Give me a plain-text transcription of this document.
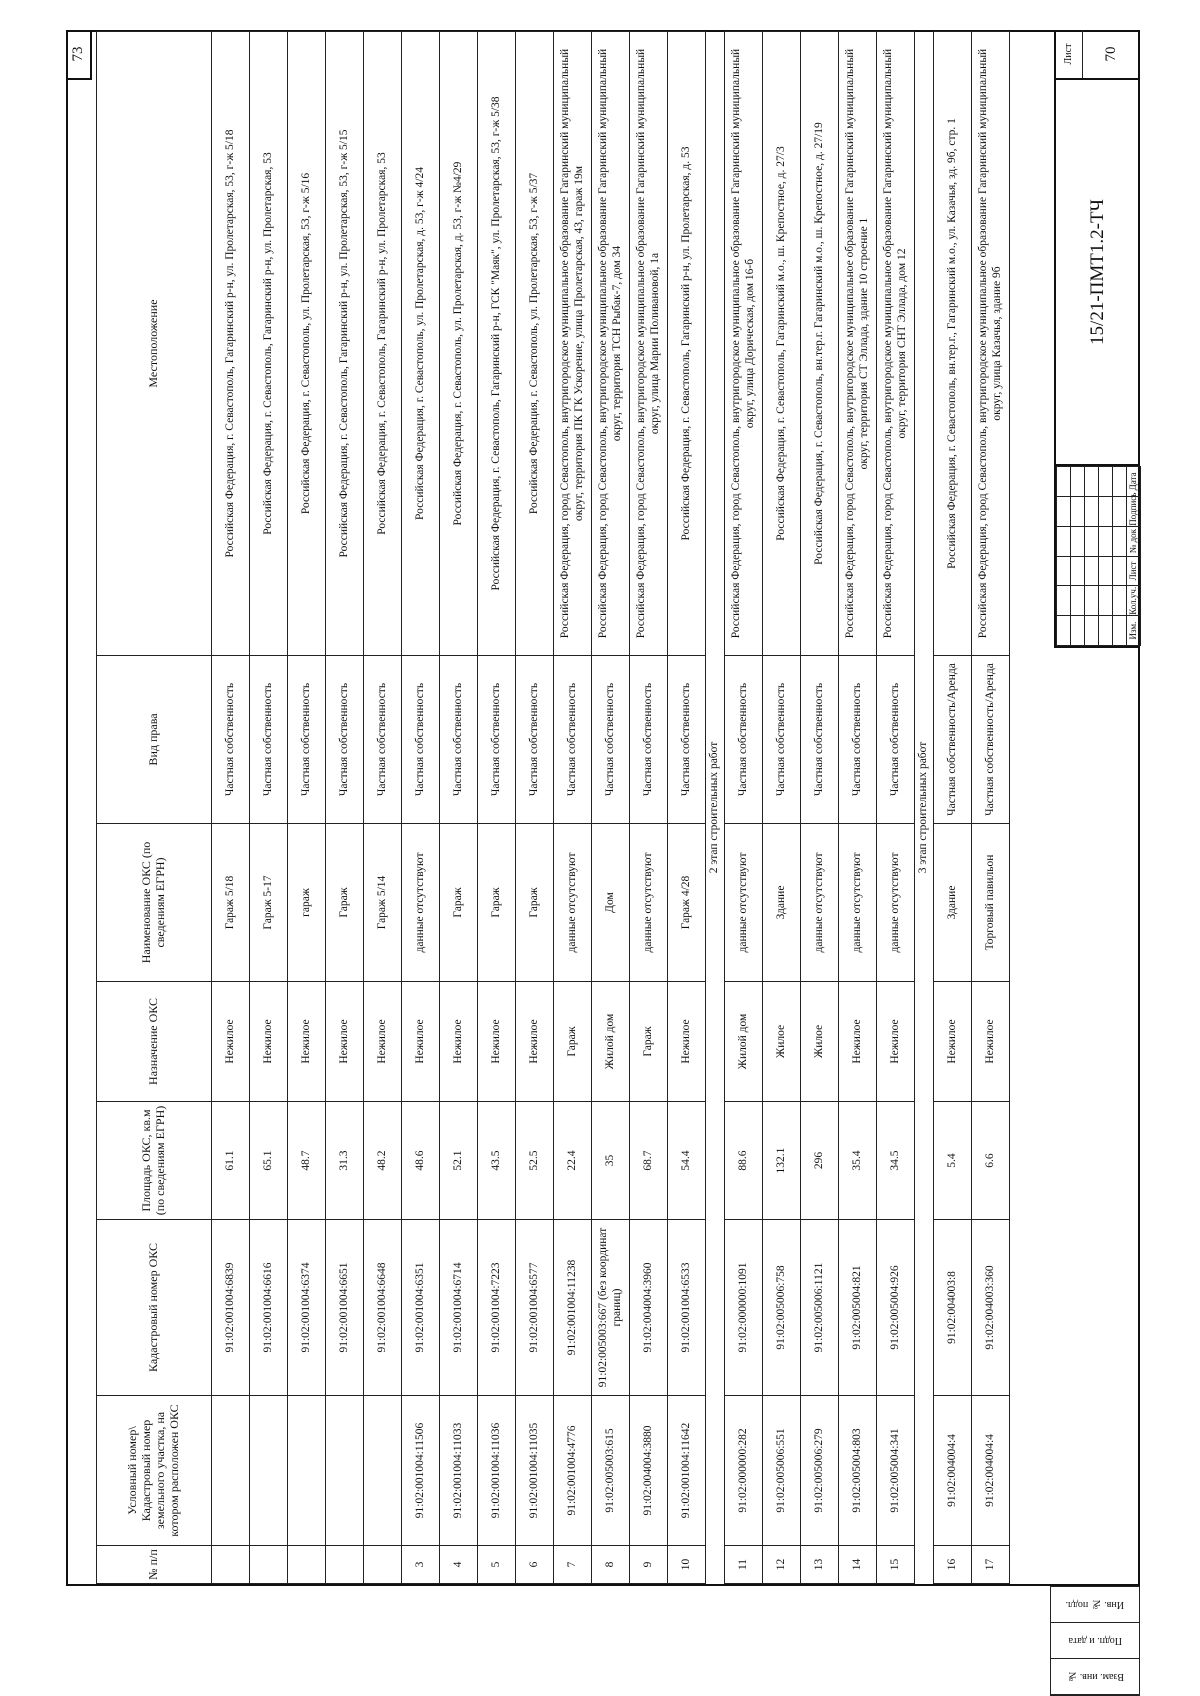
73
№ п/п	Условный номер\ Кадастровый номер земельного участка, на котором расположен ОКС	Кадастровый номер ОКС	Площадь ОКС, кв.м (по сведениям ЕГРН)	Назначение ОКС	Наименование ОКС (по сведениям ЕГРН)	Вид права	Местоположение
		91:02:001004:6839	61.1	Нежилое	Гараж 5/18	Частная собственность	Российская Федерация, г. Севастополь, Гагаринский р-н, ул. Пролетарская, 53, г-ж 5/18
		91:02:001004:6616	65.1	Нежилое	Гараж 5-17	Частная собственность	Российская Федерация, г. Севастополь, Гагаринский р-н, ул. Пролетарская, 53
		91:02:001004:6374	48.7	Нежилое	гараж	Частная собственность	Российская Федерация, г. Севастополь, ул. Пролетарская, 53, г-ж 5/16
		91:02:001004:6651	31.3	Нежилое	Гараж	Частная собственность	Российская Федерация, г. Севастополь, Гагаринский р-н, ул. Пролетарская, 53, г-ж 5/15
		91:02:001004:6648	48.2	Нежилое	Гараж 5/14	Частная собственность	Российская Федерация, г. Севастополь, Гагаринский р-н, ул. Пролетарская, 53
3	91:02:001004:11506	91:02:001004:6351	48.6	Нежилое	данные отсутствуют	Частная собственность	Российская Федерация, г. Севастополь, ул. Пролетарская, д. 53, г-ж 4/24
4	91:02:001004:11033	91:02:001004:6714	52.1	Нежилое	Гараж	Частная собственность	Российская Федерация, г. Севастополь, ул. Пролетарская, д. 53, г-ж №4/29
5	91:02:001004:11036	91:02:001004:7223	43.5	Нежилое	Гараж	Частная собственность	Российская Федерация, г. Севастополь, Гагаринский р-н, ГСК "Маяк", ул. Пролетарская, 53, г-ж 5/38
6	91:02:001004:11035	91:02:001004:6577	52.5	Нежилое	Гараж	Частная собственность	Российская Федерация, г. Севастополь, ул. Пролетарская, 53, г-ж 5/37
7	91:02:001004:4776	91:02:001004:11238	22.4	Гараж	данные отсутствуют	Частная собственность	Российская Федерация, город Севастополь, внутригородское муниципальное образование Гагаринский муниципальный округ, территория ПК ГК Ускорение, улица Пролетарская, 43, гараж 19м
8	91:02:005003:615	91:02:005003:667 (без координат границ)	35	Жилой дом	Дом	Частная собственность	Российская Федерация, город Севастополь, внутригородское муниципальное образование Гагаринский муниципальный округ, территория ТСН Рыбак-7, дом 34
9	91:02:004004:3880	91:02:004004:3960	68.7	Гараж	данные отсутствуют	Частная собственность	Российская Федерация, город Севастополь, внутригородское муниципальное образование Гагаринский муниципальный округ, улица Марии Поливановой, 1а
10	91:02:001004:11642	91:02:001004:6533	54.4	Нежилое	Гараж 4/28	Частная собственность	Российская Федерация, г. Севастополь, Гагаринский р-н, ул. Пролетарская, д. 53
2 этап строительных работ							
11	91:02:000000:282	91:02:000000:1091	88.6	Жилой дом	данные отсутствуют	Частная собственность	Российская Федерация, город Севастополь, внутригородское муниципальное образование Гагаринский муниципальный округ, улица Дорическая, дом 16-б
12	91:02:005006:551	91:02:005006:758	132.1	Жилое	Здание	Частная собственность	Российская Федерация, г. Севастополь, Гагаринский м.о., ш. Крепостное, д. 27/3
13	91:02:005006:279	91:02:005006:1121	296	Жилое	данные отсутствуют	Частная собственность	Российская Федерация, г. Севастополь, вн.тер.г. Гагаринский м.о., ш. Крепостное, д. 27/19
14	91:02:005004:803	91:02:005004:821	35.4	Нежилое	данные отсутствуют	Частная собственность	Российская Федерация, город Севастополь, внутригородское муниципальное образование Гагаринский муниципальный округ, территория СТ Эллада, здание 10 строение 1
15	91:02:005004:341	91:02:005004:926	34.5	Нежилое	данные отсутствуют	Частная собственность	Российская Федерация, город Севастополь, внутригородское муниципальное образование Гагаринский муниципальный округ, территория СНТ Эллада, дом 12
3 этап строительных работ							
16	91:02:004004:4	91:02:004003:8	5.4	Нежилое	Здание	Частная собственность/Аренда	Российская Федерация, г. Севастополь, вн.тер.г., Гагаринский м.о., ул. Казачья, зд. 9б, стр. 1
17	91:02:004004:4	91:02:004003:360	6.6	Нежилое	Торговый павильон	Частная собственность/Аренда	Российская Федерация, город Севастополь, внутригородское муниципальное образование Гагаринский муниципальный округ, улица Казачья, здание 9б
Взам. инв. №
Подп. и дата
Инв. № подл.

Изм.	Кол.уч.	Лист	№ док	Подпись	Дата
15/21-ПМТ1.2-ТЧ
Лист	70
